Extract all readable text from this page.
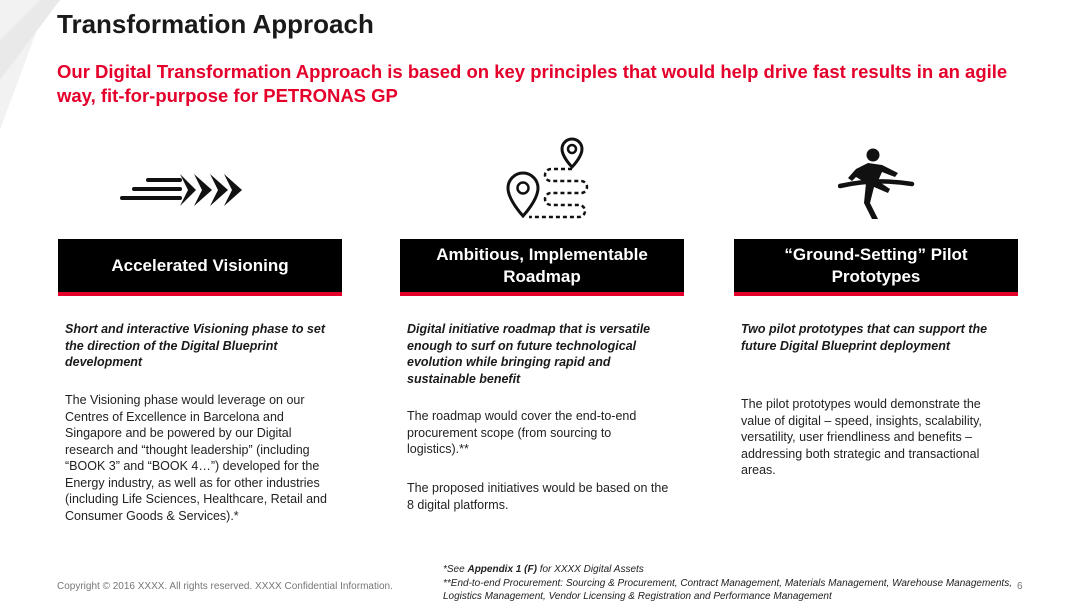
Transformation Approach
Our Digital Transformation Approach is based on key principles that would help drive fast results in an agile way, fit-for-purpose for PETRONAS GP
Accelerated Visioning
Ambitious, Implementable
Roadmap
“Ground-Setting” Pilot
Prototypes
Short and interactive Visioning phase to set the direction of the Digital Blueprint development
The Visioning phase would leverage on our Centres of Excellence in Barcelona and Singapore and be powered by our Digital research and “thought leadership” (including “BOOK 3” and “BOOK 4…”) developed for the Energy industry, as well as for other industries (including Life Sciences, Healthcare, Retail and Consumer Goods & Services).*
Digital initiative roadmap that is versatile enough to surf on future technological evolution while bringing rapid and sustainable benefit
The roadmap would cover the end-to-end procurement scope (from sourcing to logistics).**
The proposed initiatives would be based on the 8 digital platforms.
Two pilot prototypes that can support the future Digital Blueprint deployment
The pilot prototypes would demonstrate the value of digital – speed, insights, scalability, versatility, user friendliness and benefits – addressing both strategic and transactional areas.
*See Appendix 1 (F) for XXXX Digital Assets
**End-to-end Procurement: Sourcing & Procurement, Contract Management, Materials Management, Warehouse Managements, Logistics Management, Vendor Licensing & Registration and Performance Management
Copyright © 2016 XXXX. All rights reserved. XXXX Confidential Information.	6
